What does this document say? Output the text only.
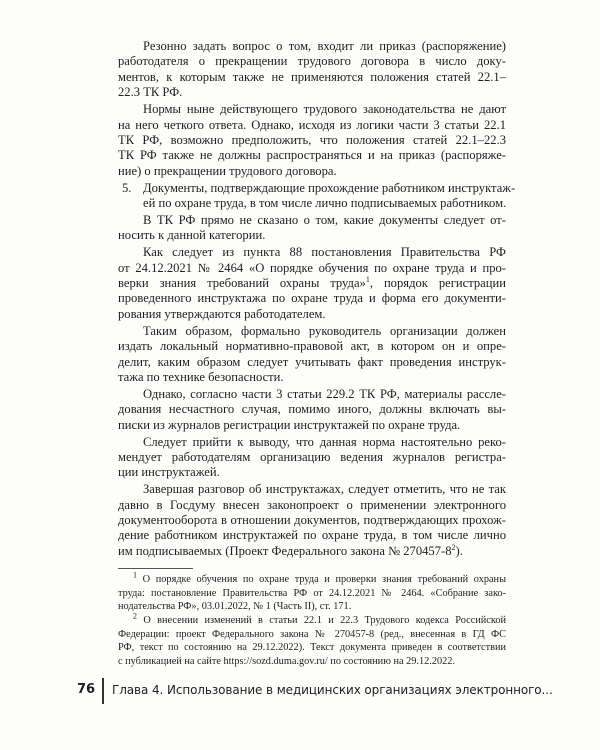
Резонно задать вопрос о том, входит ли приказ (распоряжение)
работодателя о прекращении трудового договора в число доку-
ментов, к которым также не применяются положения статей 22.1–
22.3 ТК РФ.
Нормы ныне действующего трудового законодательства не дают
на него четкого ответа. Однако, исходя из логики части 3 статьи 22.1
ТК РФ, возможно предположить, что положения статей 22.1–22.3
ТК РФ также не должны распространяться и на приказ (распоряже-
ние) о прекращении трудового договора.
5. Документы, подтверждающие прохождение работником инструктаж-
ей по охране труда, в том числе лично подписываемых работником.
В ТК РФ прямо не сказано о том, какие документы следует от-
носить к данной категории.
Как следует из пункта 88 постановления Правительства РФ
от 24.12.2021 № 2464 «О порядке обучения по охране труда и про-
верки знания требований охраны труда»$^1$, порядок регистрации
проведенного инструктажа по охране труда и форма его документи-
рования утверждаются работодателем.
Таким образом, формально руководитель организации должен
издать локальный нормативно-правовой акт, в котором он и опре-
делит, каким образом следует учитывать факт проведения инструк-
тажа по технике безопасности.
Однако, согласно части 3 статьи 229.2 ТК РФ, материалы рассле-
дования несчастного случая, помимо иного, должны включать вы-
писки из журналов регистрации инструктажей по охране труда.
Следует прийти к выводу, что данная норма настоятельно реко-
мендует работодателям организацию ведения журналов регистра-
ции инструктажей.
$^1$ О порядке обучения по охране труда и проверки знания требований охраны
труда: постановление Правительства РФ от 24.12.2021 № 2464. «Собрание зако-
нодательства РФ», 03.01.2022, № 1 (Часть II), ст. 171.
$^2$ О внесении изменений в статьи 22.1 и 22.3 Трудового кодекса Российской
Федерации: проект Федерального закона № 270457-8 (ред., внесенная в ГД ФС
76 Глава 4. Использование в медицинских организациях электронного...
Завершая разговор об инструктажах, следует отметить, что не так
давно в Госдуму внесен законопроект о применении электронного
документооборота в отношении документов, подтверждающих прохож-
дение работником инструктажей по охране труда, в том числе лично
им подписываемых (Проект Федерального закона № $270457-8^2$).
РФ, текст по состоянию на 29.12.2022). Текст документа приведен в соответствии
с публикацией на сайте https://sozd.duma.gov.ru/ по состоянию на 29.12.2022.
